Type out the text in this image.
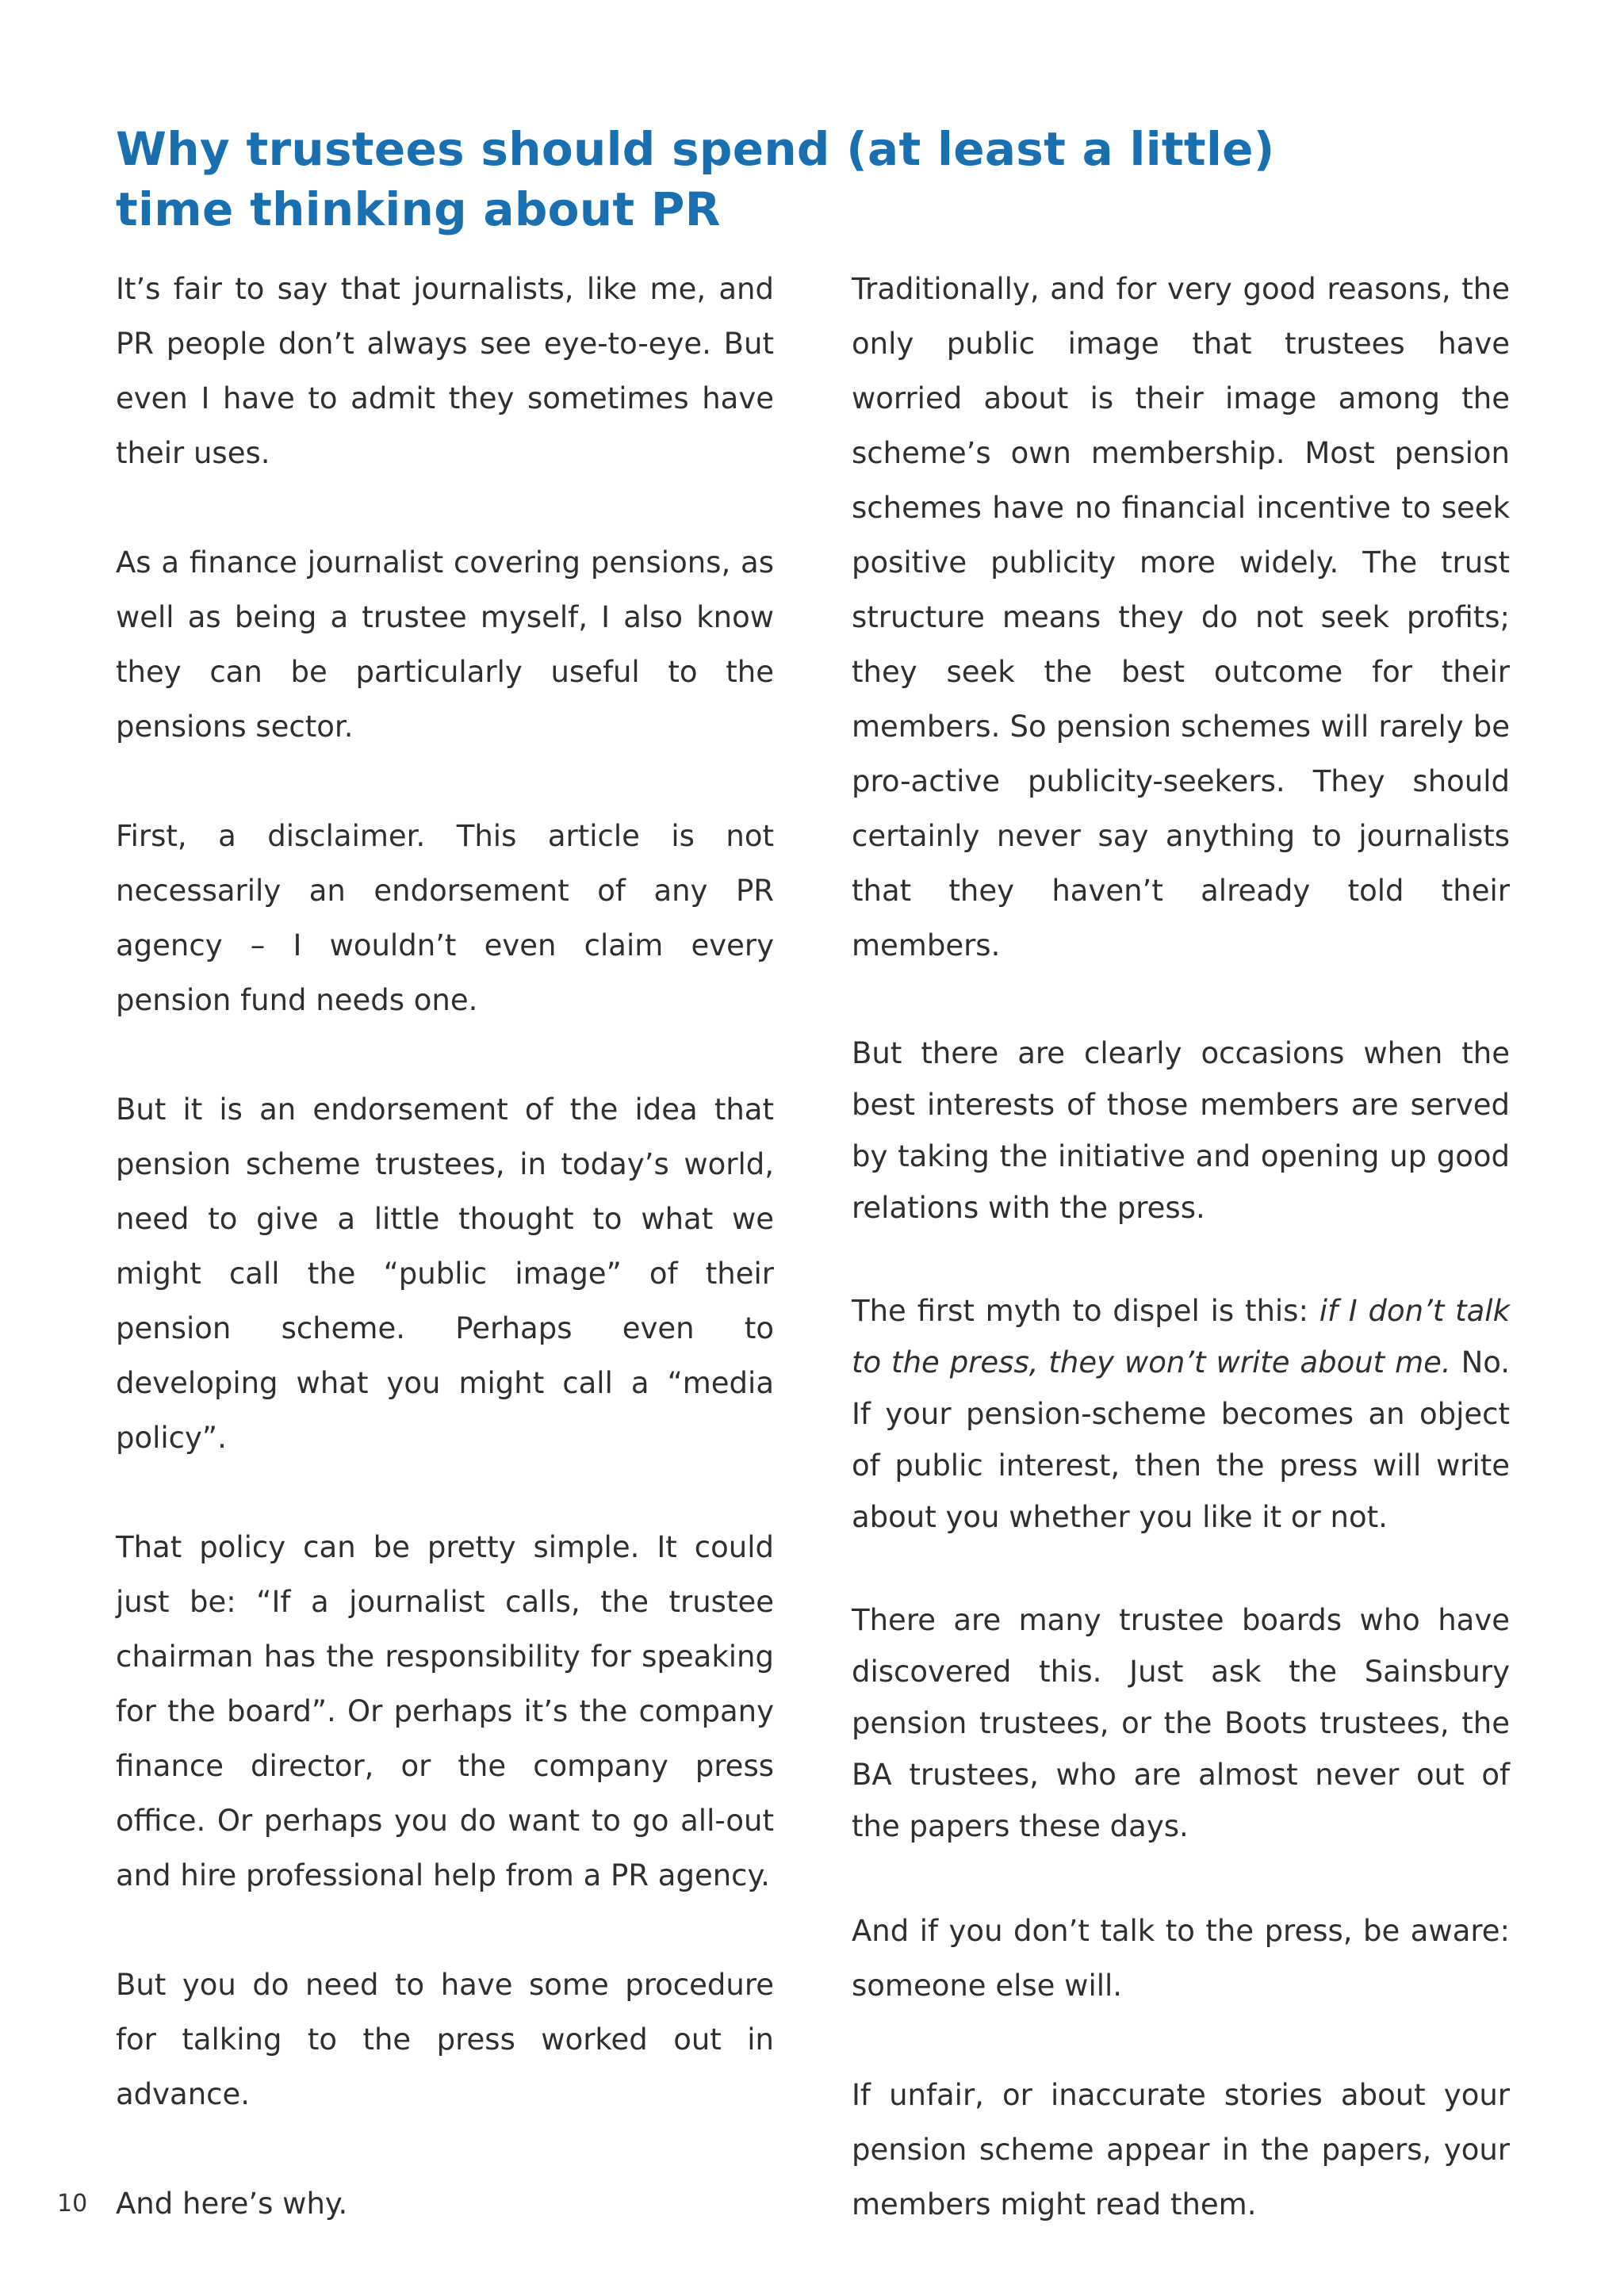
Why trustees should spend (at least a little) time thinking about PR

It’s fair to say that journalists, like me, and PR people don’t always see eye-to-eye. But even I have to admit they sometimes have their uses.

As a finance journalist covering pensions, as well as being a trustee myself, I also know they can be particularly useful to the pensions sector.

First, a disclaimer. This article is not necessarily an endorsement of any PR agency – I wouldn’t even claim every pension fund needs one.

But it is an endorsement of the idea that pension scheme trustees, in today’s world, need to give a little thought to what we might call the “public image” of their pension scheme. Perhaps even to developing what you might call a “media policy”.

That policy can be pretty simple. It could just be: “If a journalist calls, the trustee chairman has the responsibility for speaking for the board”. Or perhaps it’s the company finance director, or the company press office. Or perhaps you do want to go all-out and hire professional help from a PR agency.

But you do need to have some procedure for talking to the press worked out in advance.

And here’s why.

Traditionally, and for very good reasons, the only public image that trustees have worried about is their image among the scheme’s own membership. Most pension schemes have no financial incentive to seek positive publicity more widely. The trust structure means they do not seek profits; they seek the best outcome for their members. So pension schemes will rarely be pro-active publicity-seekers. They should certainly never say anything to journalists that they haven’t already told their members.

But there are clearly occasions when the best interests of those members are served by taking the initiative and opening up good relations with the press.

The first myth to dispel is this: if I don’t talk to the press, they won’t write about me. No. If your pension-scheme becomes an object of public interest, then the press will write about you whether you like it or not.

There are many trustee boards who have discovered this. Just ask the Sainsbury pension trustees, or the Boots trustees, the BA trustees, who are almost never out of the papers these days.

And if you don’t talk to the press, be aware: someone else will.

If unfair, or inaccurate stories about your pension scheme appear in the papers, your members might read them.

10
